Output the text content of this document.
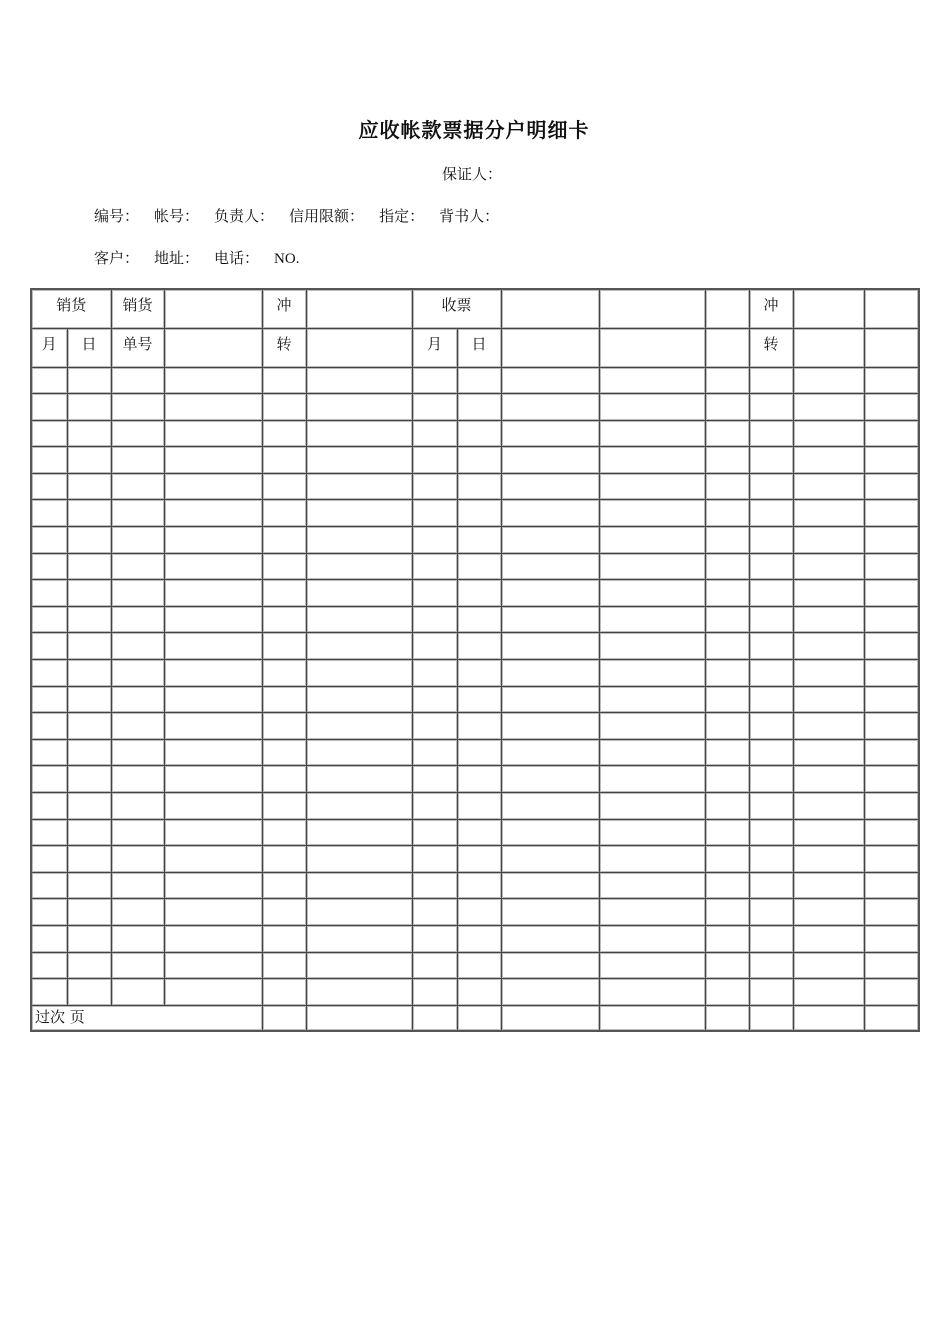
应收帐款票据分户明细卡
保证人：
编号： 帐号： 负责人： 信用限额： 指定： 背书人：
客户： 地址： 电话： NO.
销货		销货		冲		收票					冲		
月	日	单号		转		月	日				转		

过次 页													
